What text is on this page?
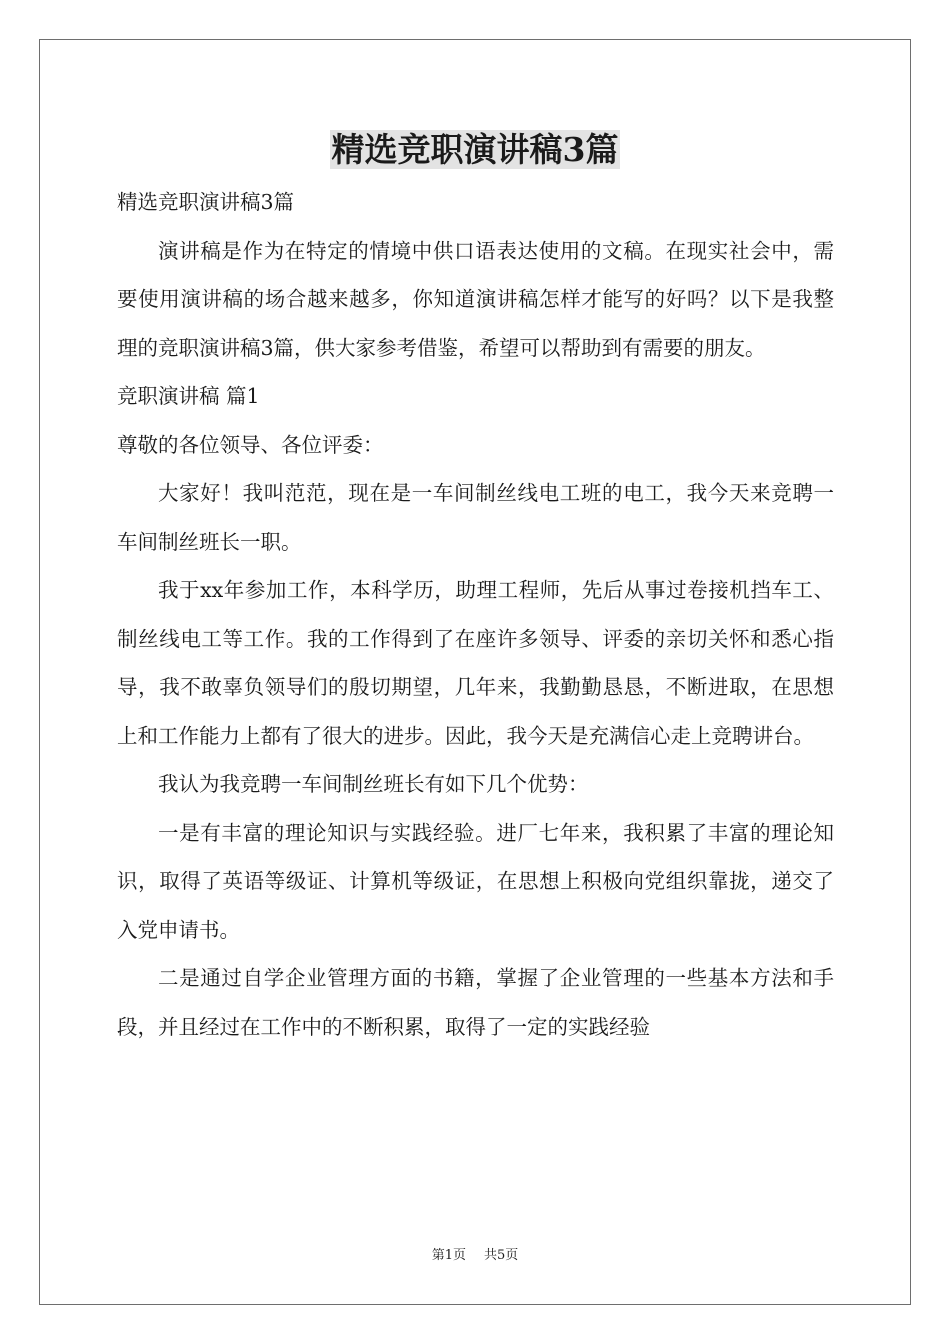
精选竞职演讲稿3篇

精选竞职演讲稿3篇

演讲稿是作为在特定的情境中供口语表达使用的文稿。在现实社会中，需要使用演讲稿的场合越来越多，你知道演讲稿怎样才能写的好吗？以下是我整理的竞职演讲稿3篇，供大家参考借鉴，希望可以帮助到有需要的朋友。

竞职演讲稿 篇1

尊敬的各位领导、各位评委：

大家好！我叫范范，现在是一车间制丝线电工班的电工，我今天来竞聘一车间制丝班长一职。

我于xx年参加工作，本科学历，助理工程师，先后从事过卷接机挡车工、制丝线电工等工作。我的工作得到了在座许多领导、评委的亲切关怀和悉心指导，我不敢辜负领导们的殷切期望，几年来，我勤勤恳恳，不断进取，在思想上和工作能力上都有了很大的进步。因此，我今天是充满信心走上竞聘讲台。

我认为我竞聘一车间制丝班长有如下几个优势：

一是有丰富的理论知识与实践经验。进厂七年来，我积累了丰富的理论知识，取得了英语等级证、计算机等级证，在思想上积极向党组织靠拢，递交了入党申请书。

二是通过自学企业管理方面的书籍，掌握了企业管理的一些基本方法和手段，并且经过在工作中的不断积累，取得了一定的实践经验

第1页 共5页
